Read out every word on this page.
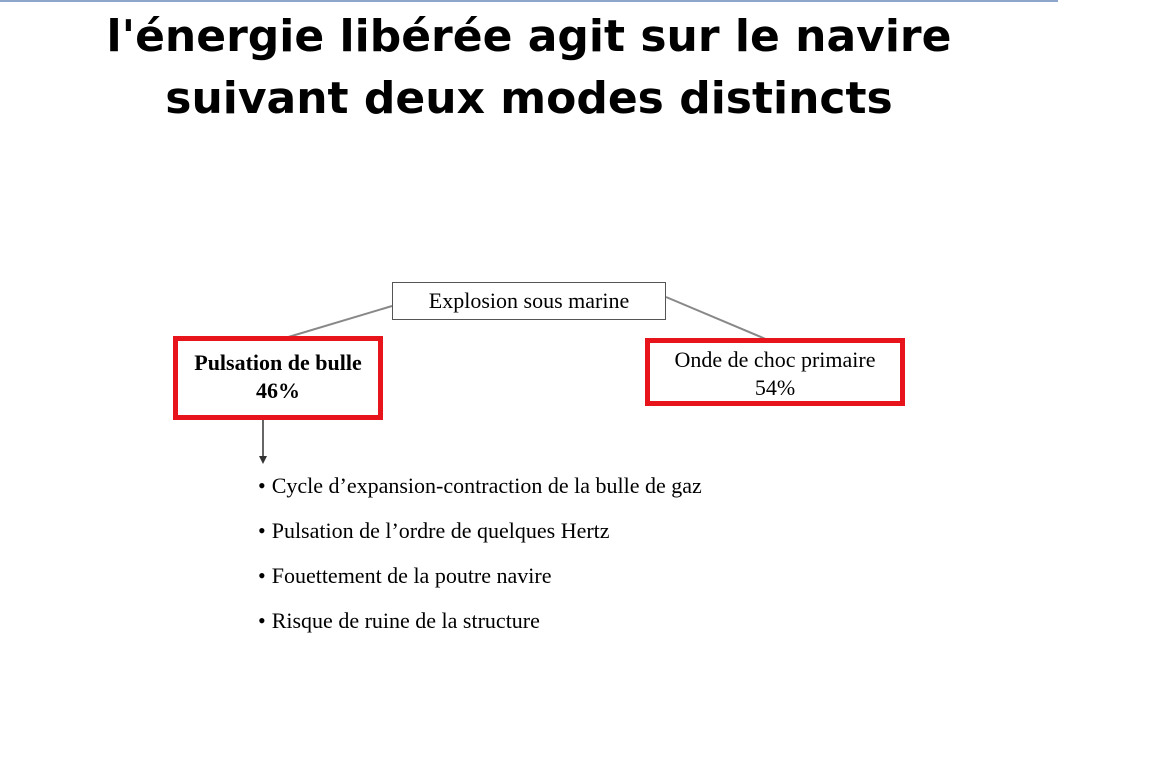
l'énergie libérée agit sur le navire
suivant deux modes distincts
Explosion sous marine
Pulsation de bulle
46%
Onde de choc primaire
54%
• Cycle d’expansion-contraction de la bulle de gaz
• Pulsation de l’ordre de quelques Hertz
• Fouettement de la poutre navire
• Risque de ruine de la structure
